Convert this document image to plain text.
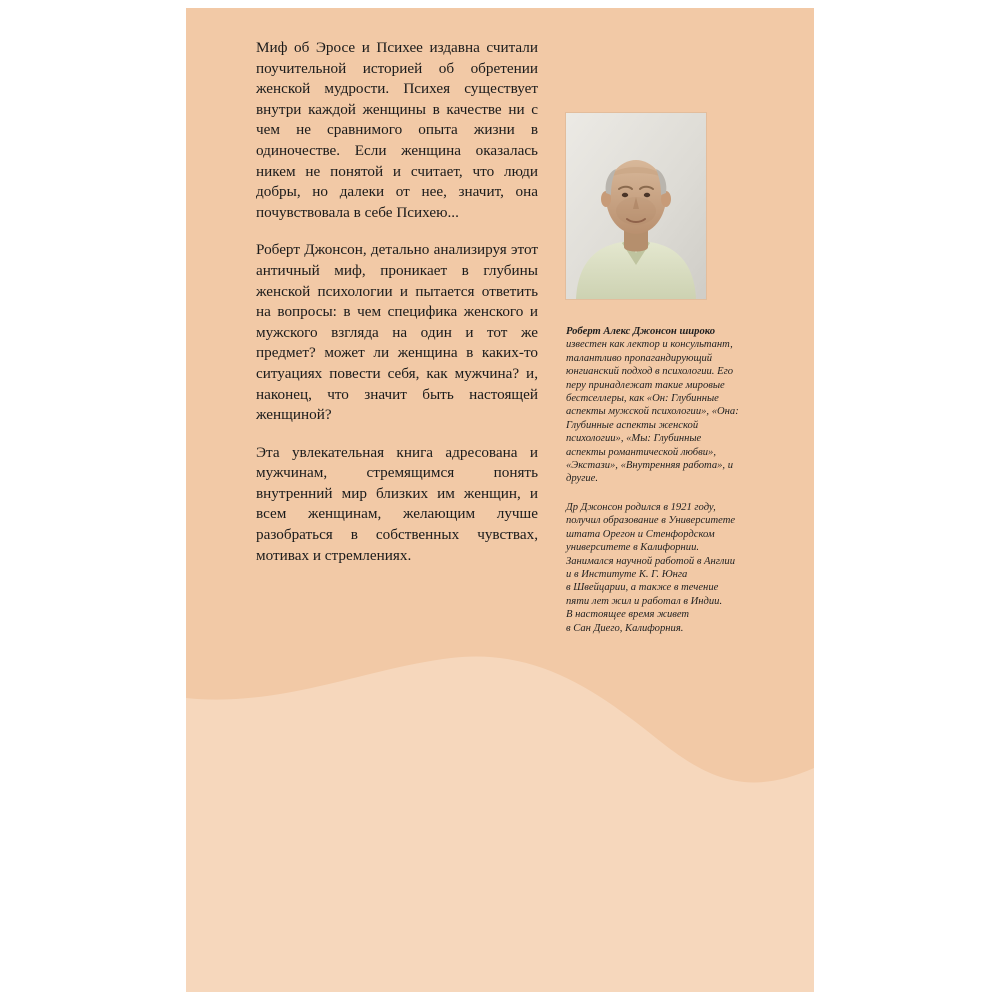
Миф об Эросе и Психее издавна считали поучительной историей об обретении женской мудрости. Психея существует внутри каждой женщины в качестве ни с чем не сравнимого опыта жизни в одиночестве. Если женщина оказалась никем не понятой и считает, что люди добры, но далеки от нее, значит, она почувствовала в себе Психею...

Роберт Джонсон, детально анализируя этот античный миф, проникает в глубины женской психологии и пытается ответить на вопросы: в чем специфика женского и мужского взгляда на один и тот же предмет? может ли женщина в каких-то ситуациях повести себя, как мужчина? и, наконец, что значит быть настоящей женщиной?

Эта увлекательная книга адресована и мужчинам, стремящимся понять внутренний мир близких им женщин, и всем женщинам, желающим лучше разобраться в собственных чувствах, мотивах и стремлениях.

Роберт Алекс Джонсон широко известен как лектор и консультант, талантливо пропагандирующий юнгианский подход в психологии. Его перу принадлежат такие мировые бестселлеры, как «Он: Глубинные аспекты мужской психологии», «Она: Глубинные аспекты женской психологии», «Мы: Глубинные аспекты романтической любви», «Экстази», «Внутренняя работа», и другие.

Др Джонсон родился в 1921 году,
получил образование в Университете
штата Орегон и Стенфордском
университете в Калифорнии.
Занимался научной работой в Англии
и в Институте К. Г. Юнга
в Швейцарии, а также в течение
пяти лет жил и работал в Индии.
В настоящее время живет
в Сан Диего, Калифорния.
